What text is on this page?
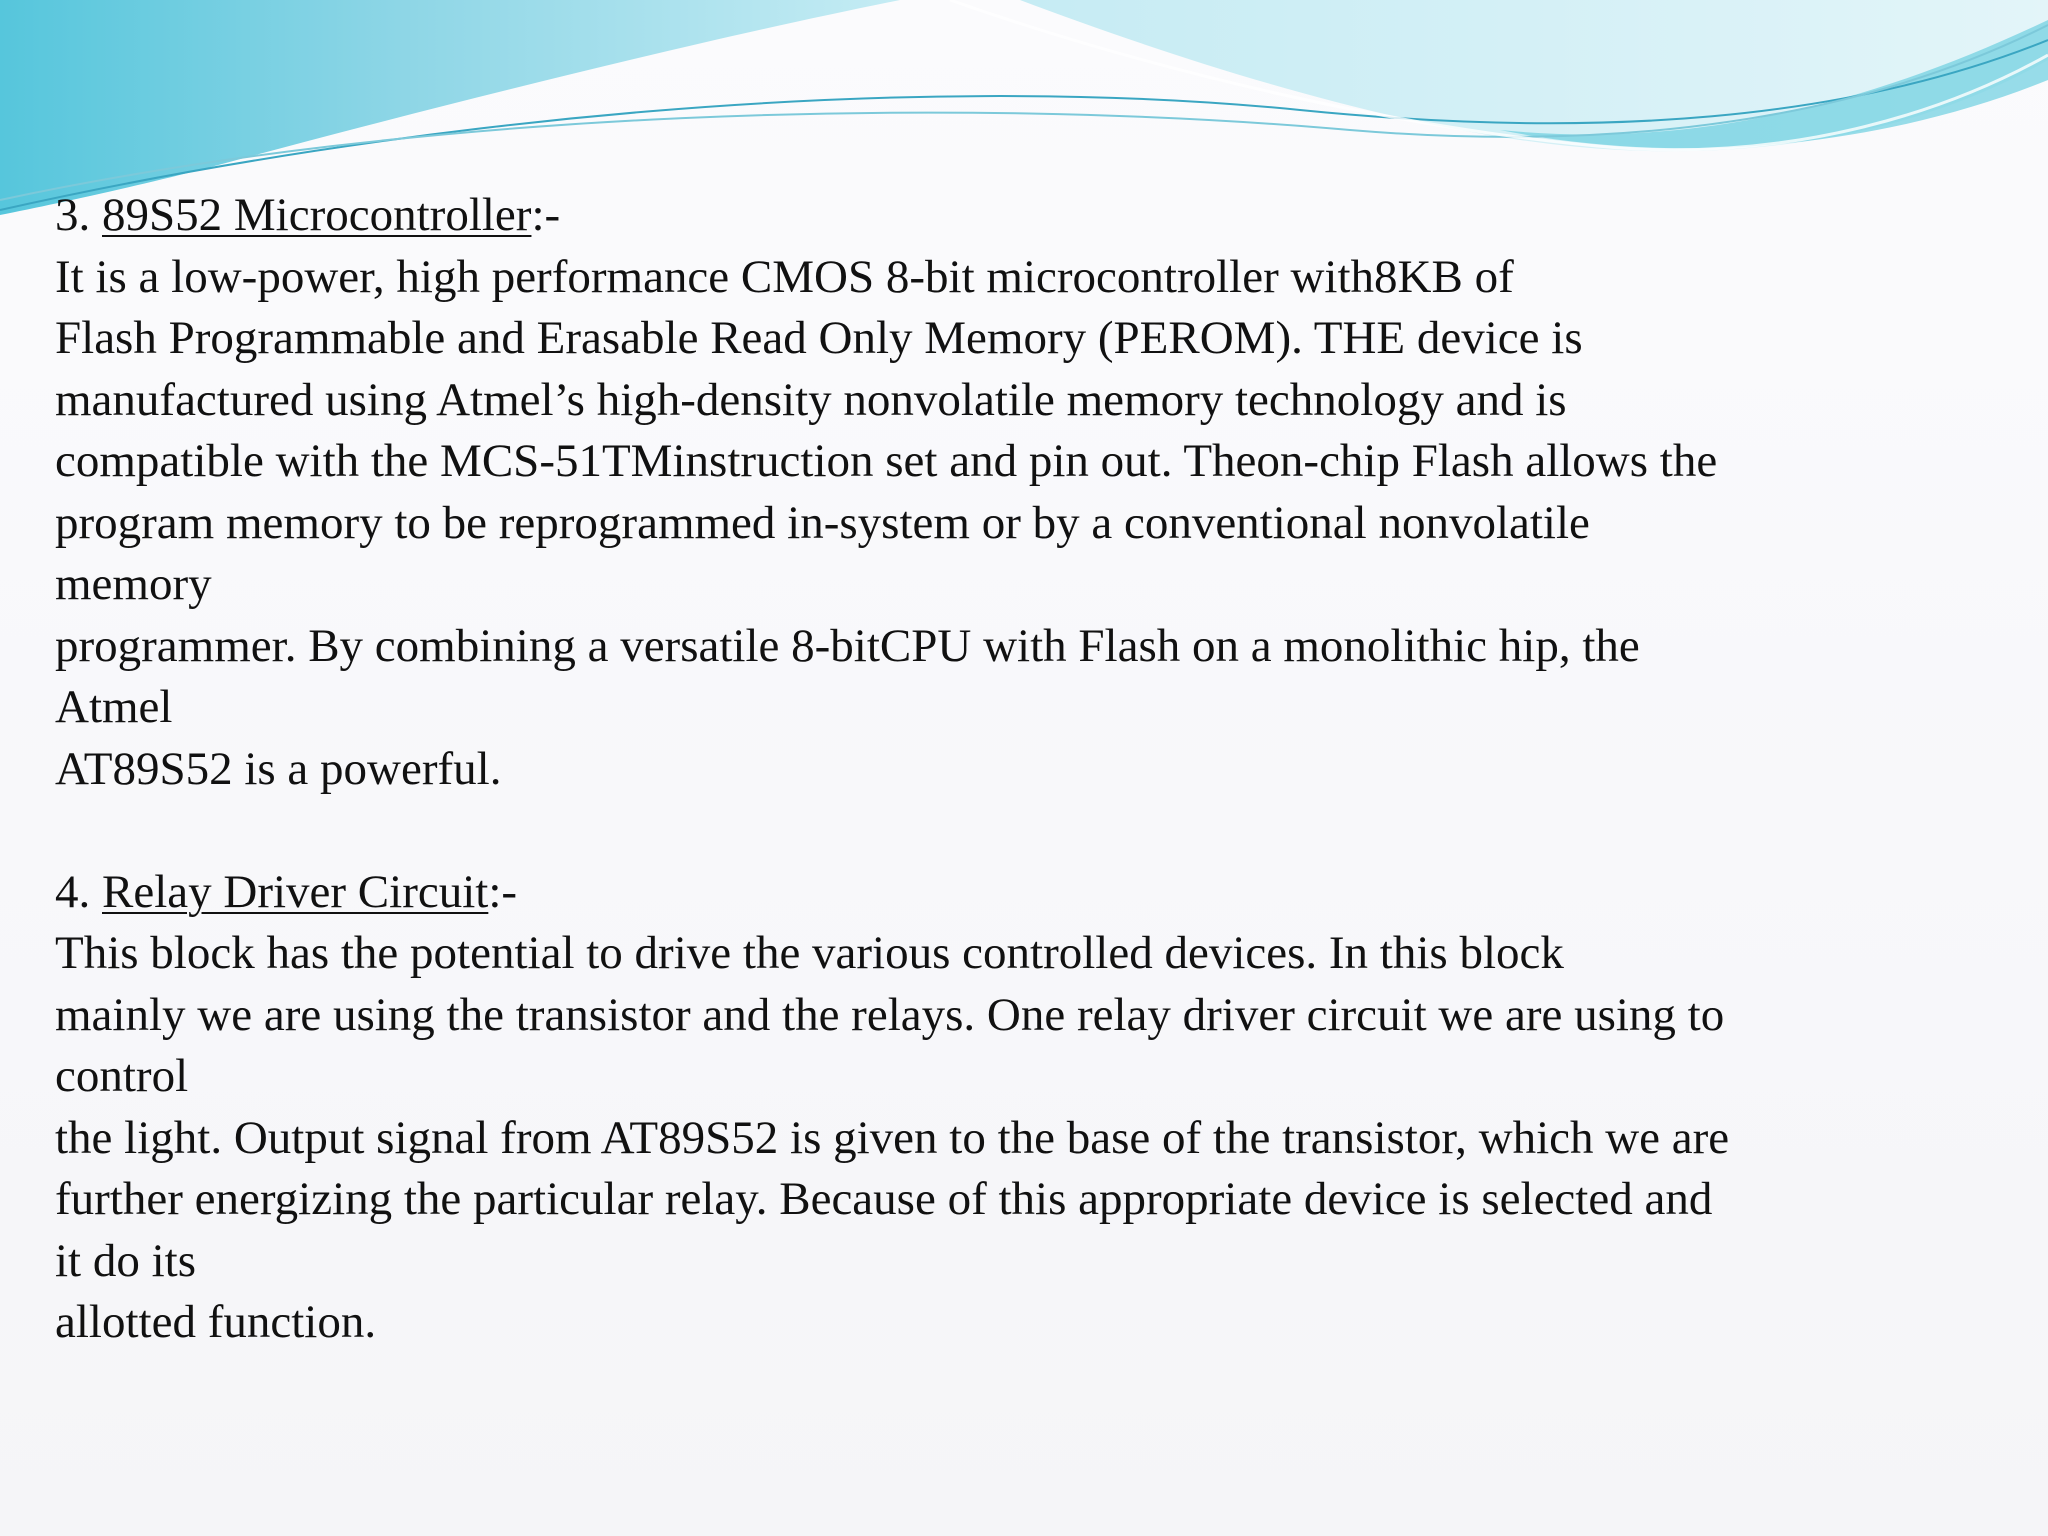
3. 89S52 Microcontroller:-
It is a low-power, high performance CMOS 8-bit microcontroller with8KB of
Flash Programmable and Erasable Read Only Memory (PEROM). THE device is
manufactured using Atmel’s high-density nonvolatile memory technology and is
compatible with the MCS-51TMinstruction set and pin out. Theon-chip Flash allows the
program memory to be reprogrammed in-system or by a conventional nonvolatile
memory
programmer. By combining a versatile 8-bitCPU with Flash on a monolithic hip, the
Atmel
AT89S52 is a powerful.
4. Relay Driver Circuit:-
This block has the potential to drive the various controlled devices. In this block
mainly we are using the transistor and the relays. One relay driver circuit we are using to
control
the light. Output signal from AT89S52 is given to the base of the transistor, which we are
further energizing the particular relay. Because of this appropriate device is selected and
it do its
allotted function.
